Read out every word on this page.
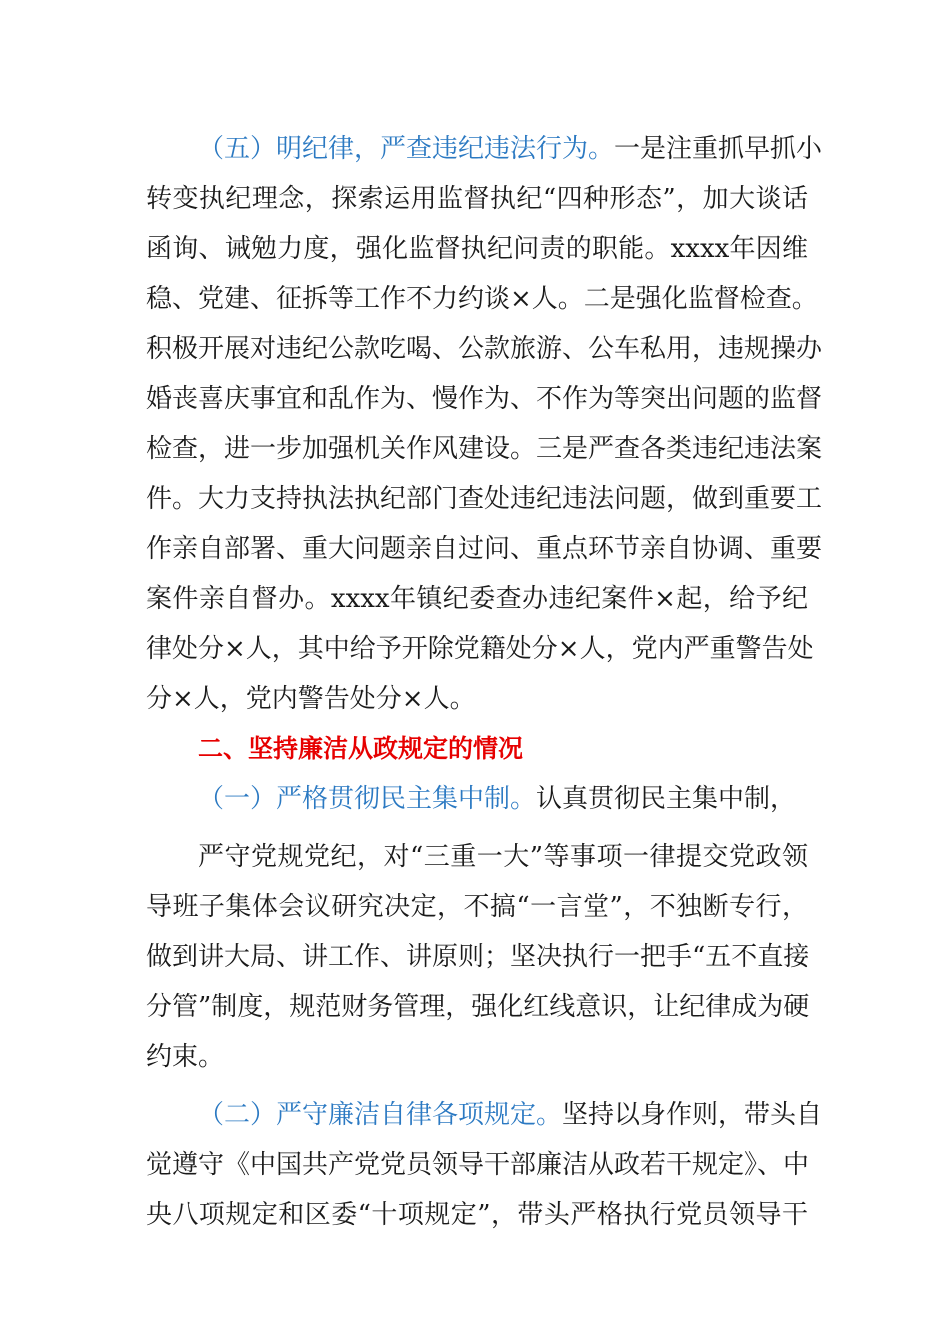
（五）明纪律，严查违纪违法行为。一是注重抓早抓小
转变执纪理念，探索运用监督执纪“四种形态”，加大谈话
函询、诫勉力度，强化监督执纪问责的职能。xxxx年因维
稳、党建、征拆等工作不力约谈×人。二是强化监督检查。
积极开展对违纪公款吃喝、公款旅游、公车私用，违规操办
婚丧喜庆事宜和乱作为、慢作为、不作为等突出问题的监督
检查，进一步加强机关作风建设。三是严查各类违纪违法案
件。大力支持执法执纪部门查处违纪违法问题，做到重要工
作亲自部署、重大问题亲自过问、重点环节亲自协调、重要
案件亲自督办。xxxx年镇纪委查办违纪案件×起，给予纪
律处分×人，其中给予开除党籍处分×人，党内严重警告处
分×人，党内警告处分×人。
二、坚持廉洁从政规定的情况
（一）严格贯彻民主集中制。认真贯彻民主集中制，
严守党规党纪，对“三重一大”等事项一律提交党政领
导班子集体会议研究决定，不搞“一言堂”，不独断专行，
做到讲大局、讲工作、讲原则；坚决执行一把手“五不直接
分管”制度，规范财务管理，强化红线意识，让纪律成为硬
约束。
（二）严守廉洁自律各项规定。坚持以身作则，带头自
觉遵守《中国共产党党员领导干部廉洁从政若干规定》、中
央八项规定和区委“十项规定”，带头严格执行党员领导干
